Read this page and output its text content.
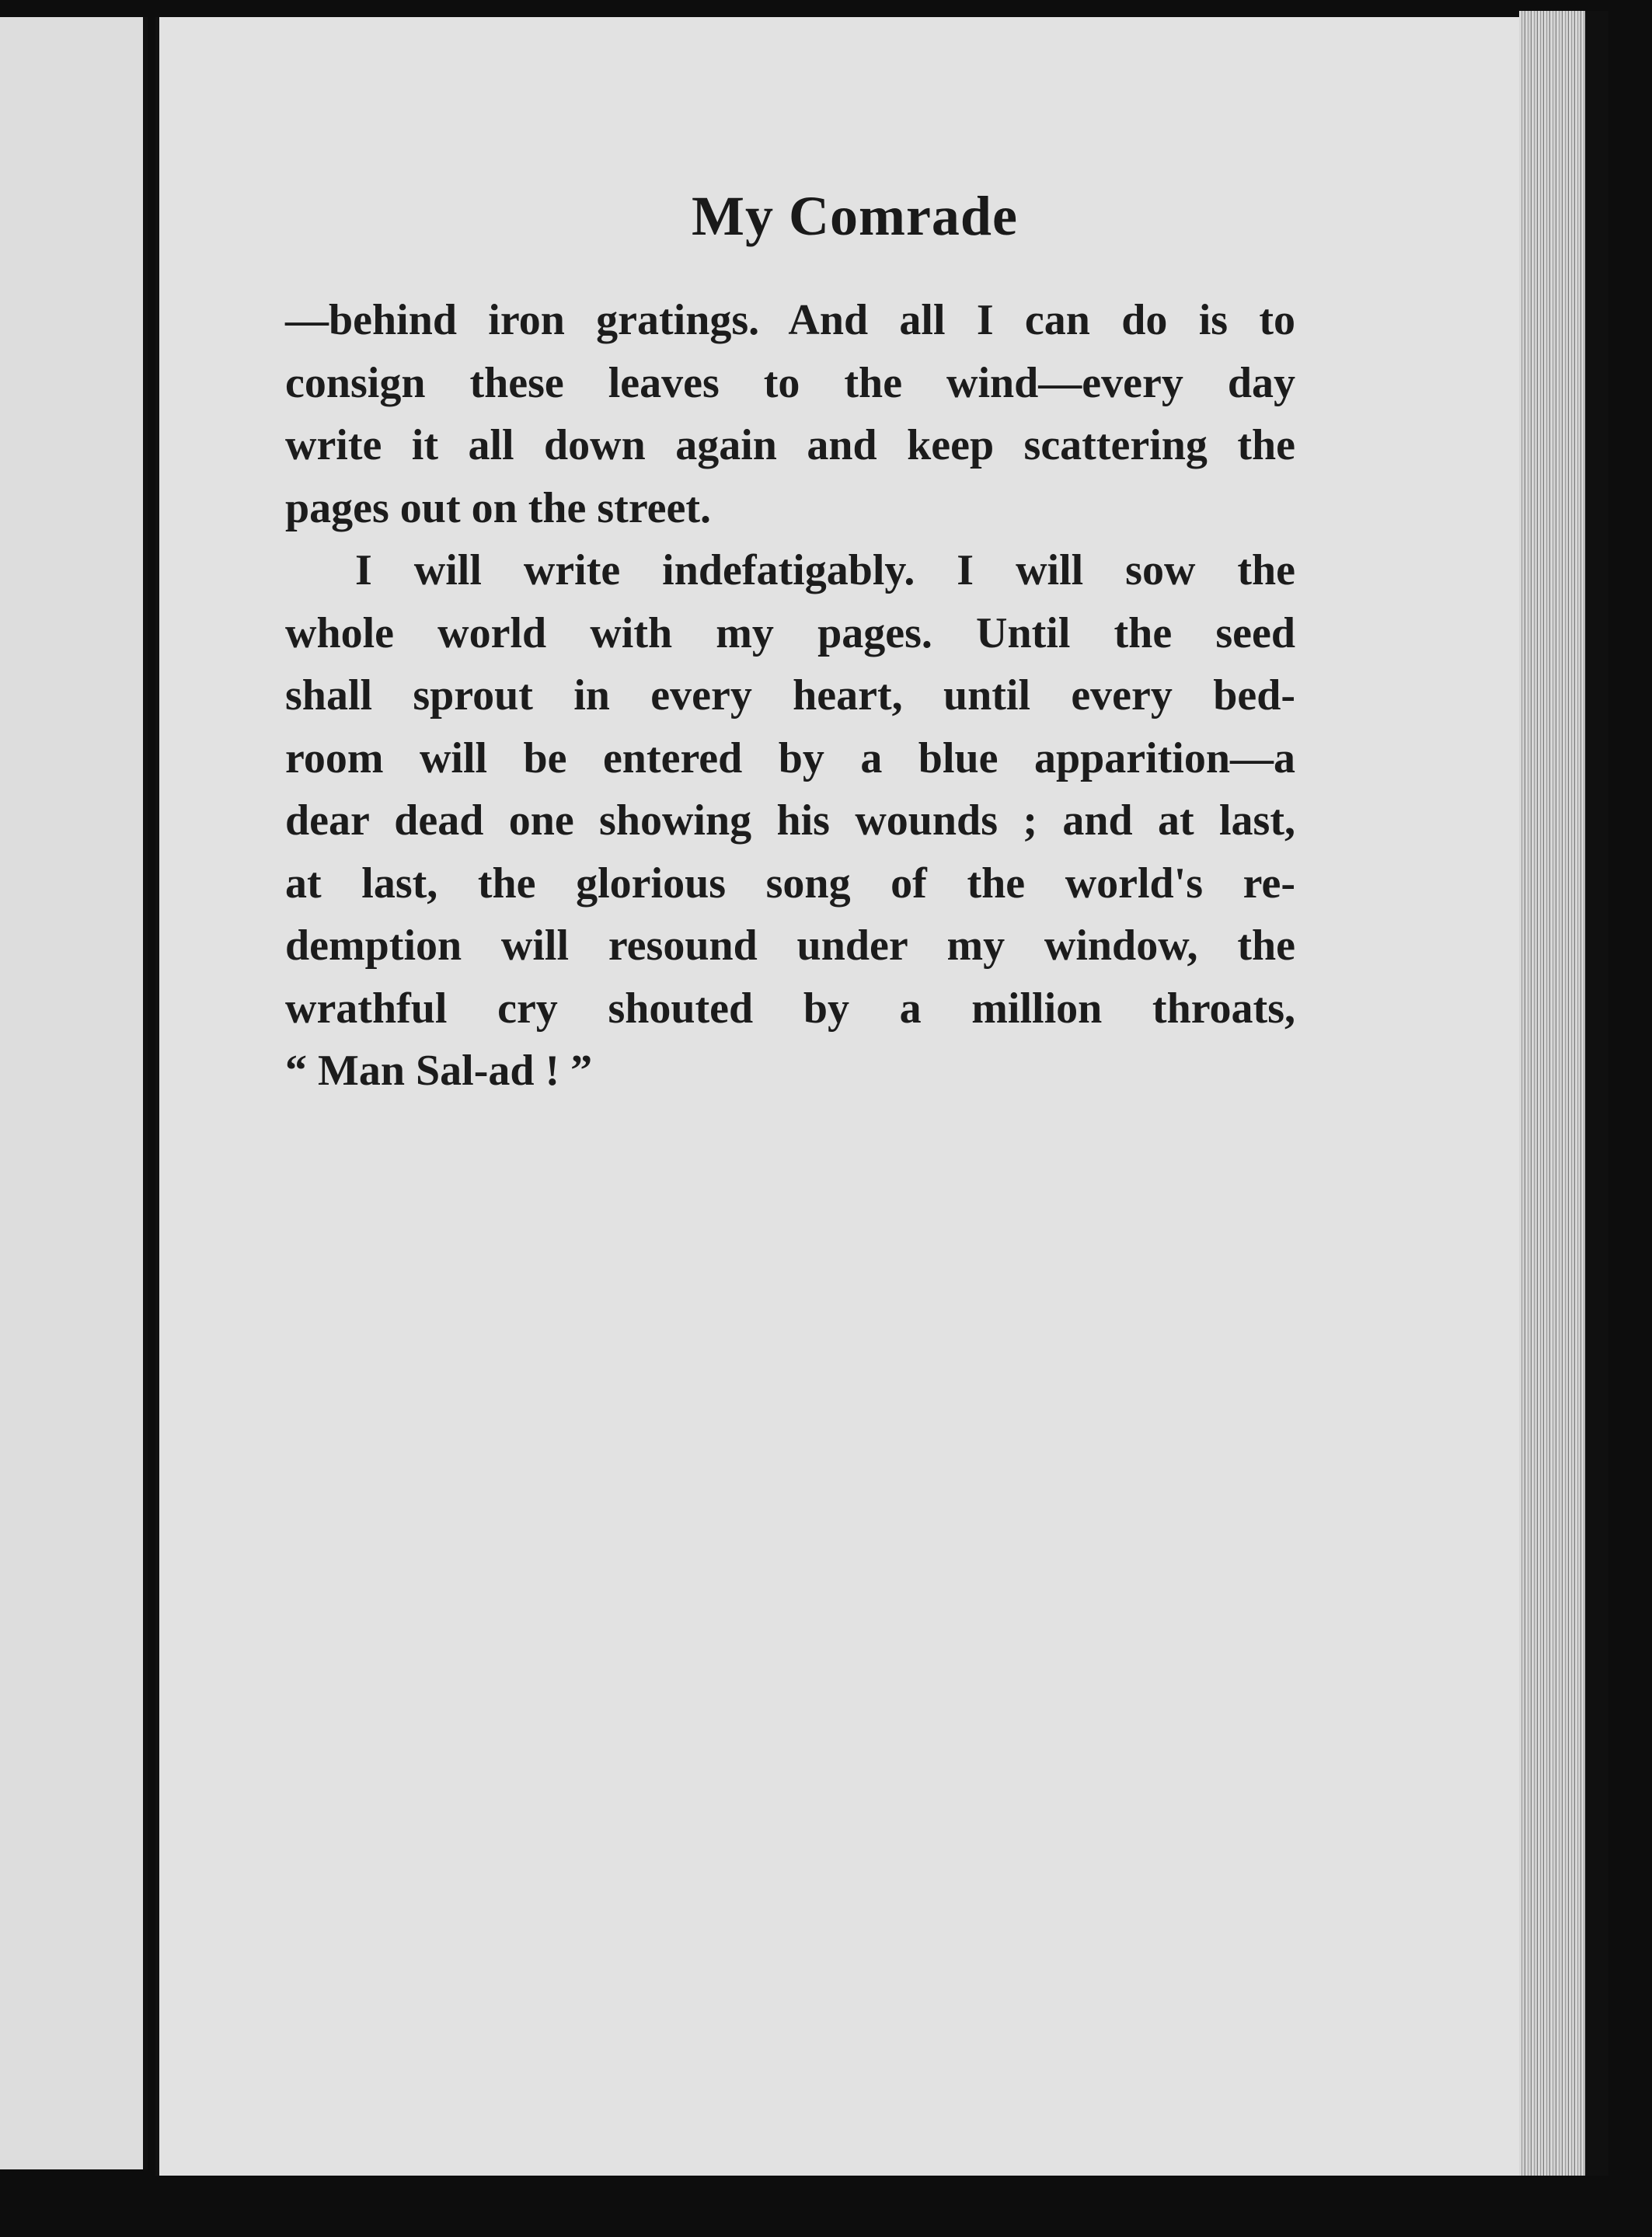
My Comrade
—behind iron gratings. And all I can do is to
consign these leaves to the wind—every day
write it all down again and keep scattering the
pages out on the street.
I will write indefatigably. I will sow the
whole world with my pages. Until the seed
shall sprout in every heart, until every bed-
room will be entered by a blue apparition—a
dear dead one showing his wounds ; and at last,
at last, the glorious song of the world's re-
demption will resound under my window, the
wrathful cry shouted by a million throats,
“ Man Sal-ad ! ”
